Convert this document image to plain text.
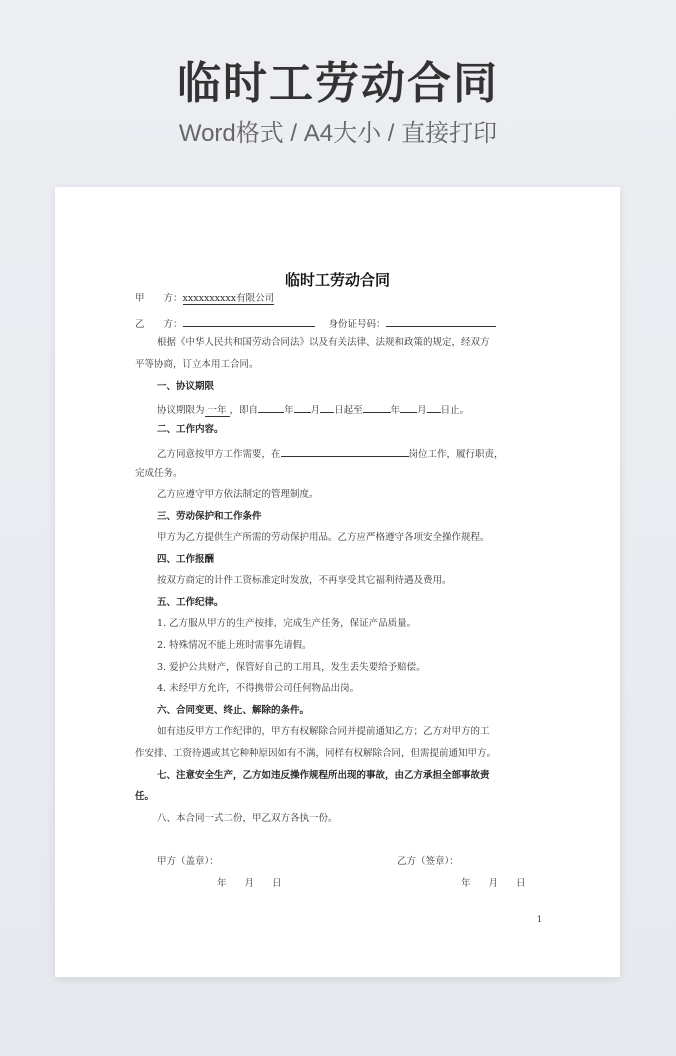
临时工劳动合同
Word格式 / A4大小 / 直接打印
临时工劳动合同
甲　　方：xxxxxxxxxx有限公司
乙　　方：	身份证号码：
根据《中华人民共和国劳动合同法》以及有关法律、法规和政策的规定，经双方
平等协商，订立本用工合同。
一、协议期限
协议期限为 一年 ，即自	年 月 日起至	年 月 日止。
二、工作内容。
乙方同意按甲方工作需要，在	岗位工作，履行职责，
完成任务。
乙方应遵守甲方依法制定的管理制度。
三、劳动保护和工作条件
甲方为乙方提供生产所需的劳动保护用品。乙方应严格遵守各项安全操作规程。
四、工作报酬
按双方商定的计件工资标准定时发放，不再享受其它福利待遇及费用。
五、工作纪律。
1. 乙方服从甲方的生产按排，完成生产任务，保证产品质量。
2. 特殊情况不能上班时需事先请假。
3. 爱护公共财产，保管好自己的工用具，发生丢失要给予赔偿。
4. 未经甲方允许，不得携带公司任何物品出岗。
六、合同变更、终止、解除的条件。
如有违反甲方工作纪律的，甲方有权解除合同并提前通知乙方；乙方对甲方的工
作安排、工资待遇或其它种种原因如有不满，同样有权解除合同，但需提前通知甲方。
七、注意安全生产，乙方如违反操作规程所出现的事故，由乙方承担全部事故责
任。
八、本合同一式二份，甲乙双方各执一份。
甲方（盖章）：	乙方（签章）：
年 月 日	年 月 日
1
